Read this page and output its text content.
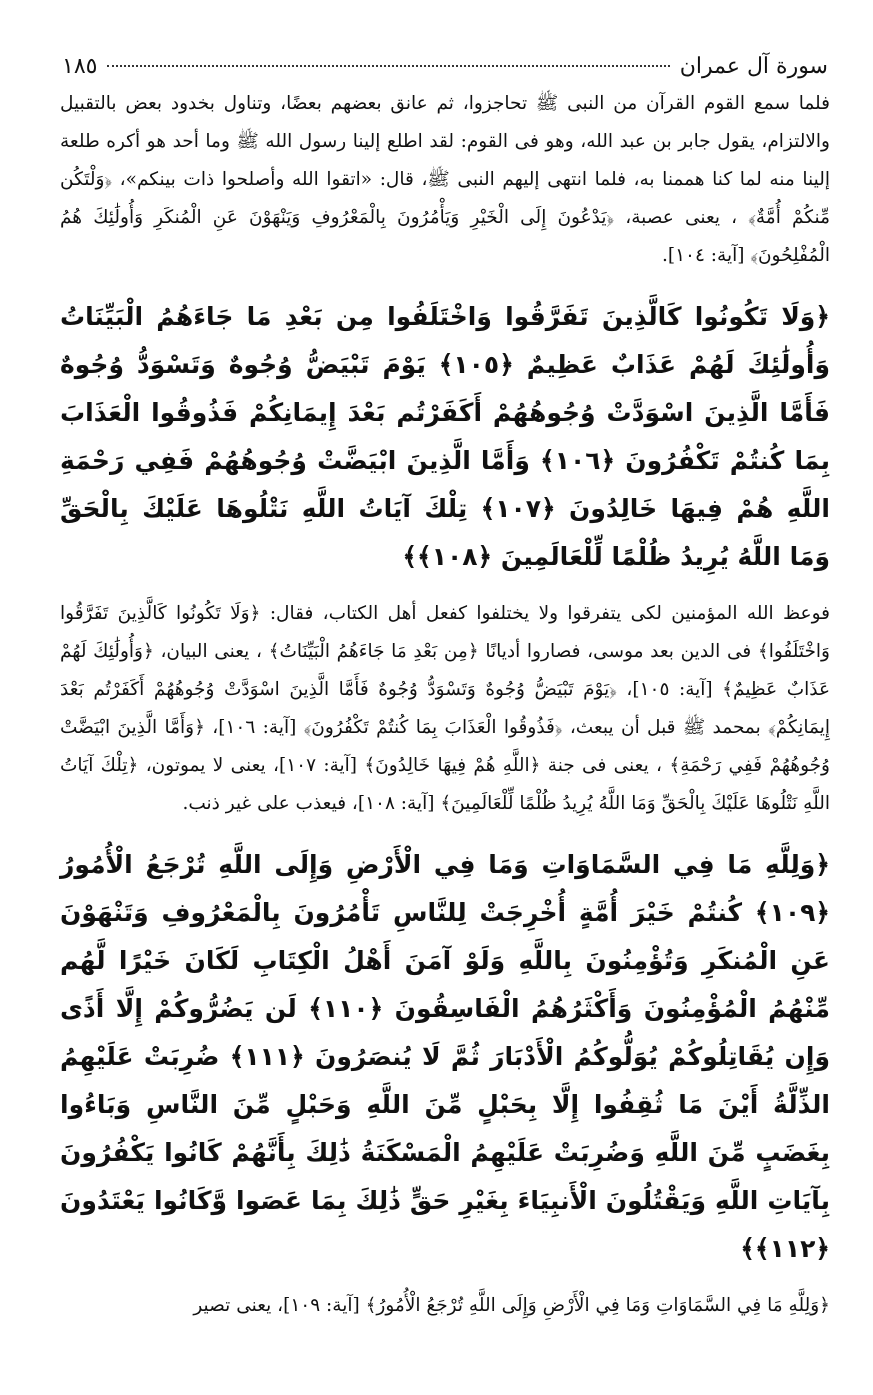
سورة آل عمران
١٨٥

فلما سمع القوم القرآن من النبى ﷺ تحاجزوا، ثم عانق بعضهم بعضًا، وتناول بخدود بعض بالتقبيل والالتزام، يقول جابر بن عبد الله، وهو فى القوم: لقد اطلع إلينا رسول الله ﷺ وما أحد هو أكره طلعة إلينا منه لما كنا هممنا به، فلما انتهى إليهم النبى ﷺ، قال: «اتقوا الله وأصلحوا ذات بينكم»، ﴿وَلْتَكُن مِّنكُمْ أُمَّةٌ﴾ ، يعنى عصبة، ﴿يَدْعُونَ إِلَى الْخَيْرِ وَيَأْمُرُونَ بِالْمَعْرُوفِ وَيَنْهَوْنَ عَنِ الْمُنكَرِ وَأُولَٰئِكَ هُمُ الْمُفْلِحُونَ﴾ [آية: ١٠٤].

﴿وَلَا تَكُونُوا كَالَّذِينَ تَفَرَّقُوا وَاخْتَلَفُوا مِن بَعْدِ مَا جَاءَهُمُ الْبَيِّنَاتُ وَأُولَٰئِكَ لَهُمْ عَذَابٌ عَظِيمٌ ﴿١٠٥﴾ يَوْمَ تَبْيَضُّ وُجُوهٌ وَتَسْوَدُّ وُجُوهٌ فَأَمَّا الَّذِينَ اسْوَدَّتْ وُجُوهُهُمْ أَكَفَرْتُم بَعْدَ إِيمَانِكُمْ فَذُوقُوا الْعَذَابَ بِمَا كُنتُمْ تَكْفُرُونَ ﴿١٠٦﴾ وَأَمَّا الَّذِينَ ابْيَضَّتْ وُجُوهُهُمْ فَفِي رَحْمَةِ اللَّهِ هُمْ فِيهَا خَالِدُونَ ﴿١٠٧﴾ تِلْكَ آيَاتُ اللَّهِ نَتْلُوهَا عَلَيْكَ بِالْحَقِّ وَمَا اللَّهُ يُرِيدُ ظُلْمًا لِّلْعَالَمِينَ ﴿١٠٨﴾﴾

فوعظ الله المؤمنين لكى يتفرقوا ولا يختلفوا كفعل أهل الكتاب، فقال: ﴿وَلَا تَكُونُوا كَالَّذِينَ تَفَرَّقُوا وَاخْتَلَفُوا﴾ فى الدين بعد موسى، فصاروا أديانًا ﴿مِن بَعْدِ مَا جَاءَهُمُ الْبَيِّنَاتُ﴾ ، يعنى البيان، ﴿وَأُولَٰئِكَ لَهُمْ عَذَابٌ عَظِيمٌ﴾ [آية: ١٠٥]، ﴿يَوْمَ تَبْيَضُّ وُجُوهٌ وَتَسْوَدُّ وُجُوهٌ فَأَمَّا الَّذِينَ اسْوَدَّتْ وُجُوهُهُمْ أَكَفَرْتُم بَعْدَ إِيمَانِكُمْ﴾ بمحمد ﷺ قبل أن يبعث، ﴿فَذُوقُوا الْعَذَابَ بِمَا كُنتُمْ تَكْفُرُونَ﴾ [آية: ١٠٦]، ﴿وَأَمَّا الَّذِينَ ابْيَضَّتْ وُجُوهُهُمْ فَفِي رَحْمَةِ﴾ ، يعنى فى جنة ﴿اللَّهِ هُمْ فِيهَا خَالِدُونَ﴾ [آية: ١٠٧]، يعنى لا يموتون، ﴿تِلْكَ آيَاتُ اللَّهِ نَتْلُوهَا عَلَيْكَ بِالْحَقِّ وَمَا اللَّهُ يُرِيدُ ظُلْمًا لِّلْعَالَمِينَ﴾ [آية: ١٠٨]، فيعذب على غير ذنب.

﴿وَلِلَّهِ مَا فِي السَّمَاوَاتِ وَمَا فِي الْأَرْضِ وَإِلَى اللَّهِ تُرْجَعُ الْأُمُورُ ﴿١٠٩﴾ كُنتُمْ خَيْرَ أُمَّةٍ أُخْرِجَتْ لِلنَّاسِ تَأْمُرُونَ بِالْمَعْرُوفِ وَتَنْهَوْنَ عَنِ الْمُنكَرِ وَتُؤْمِنُونَ بِاللَّهِ وَلَوْ آمَنَ أَهْلُ الْكِتَابِ لَكَانَ خَيْرًا لَّهُم مِّنْهُمُ الْمُؤْمِنُونَ وَأَكْثَرُهُمُ الْفَاسِقُونَ ﴿١١٠﴾ لَن يَضُرُّوكُمْ إِلَّا أَذًى وَإِن يُقَاتِلُوكُمْ يُوَلُّوكُمُ الْأَدْبَارَ ثُمَّ لَا يُنصَرُونَ ﴿١١١﴾ ضُرِبَتْ عَلَيْهِمُ الذِّلَّةُ أَيْنَ مَا ثُقِفُوا إِلَّا بِحَبْلٍ مِّنَ اللَّهِ وَحَبْلٍ مِّنَ النَّاسِ وَبَاءُوا بِغَضَبٍ مِّنَ اللَّهِ وَضُرِبَتْ عَلَيْهِمُ الْمَسْكَنَةُ ذَٰلِكَ بِأَنَّهُمْ كَانُوا يَكْفُرُونَ بِآيَاتِ اللَّهِ وَيَقْتُلُونَ الْأَنبِيَاءَ بِغَيْرِ حَقٍّ ذَٰلِكَ بِمَا عَصَوا وَّكَانُوا يَعْتَدُونَ ﴿١١٢﴾﴾

﴿وَلِلَّهِ مَا فِي السَّمَاوَاتِ وَمَا فِي الْأَرْضِ وَإِلَى اللَّهِ تُرْجَعُ الْأُمُورُ﴾ [آية: ١٠٩]، يعنى تصير
